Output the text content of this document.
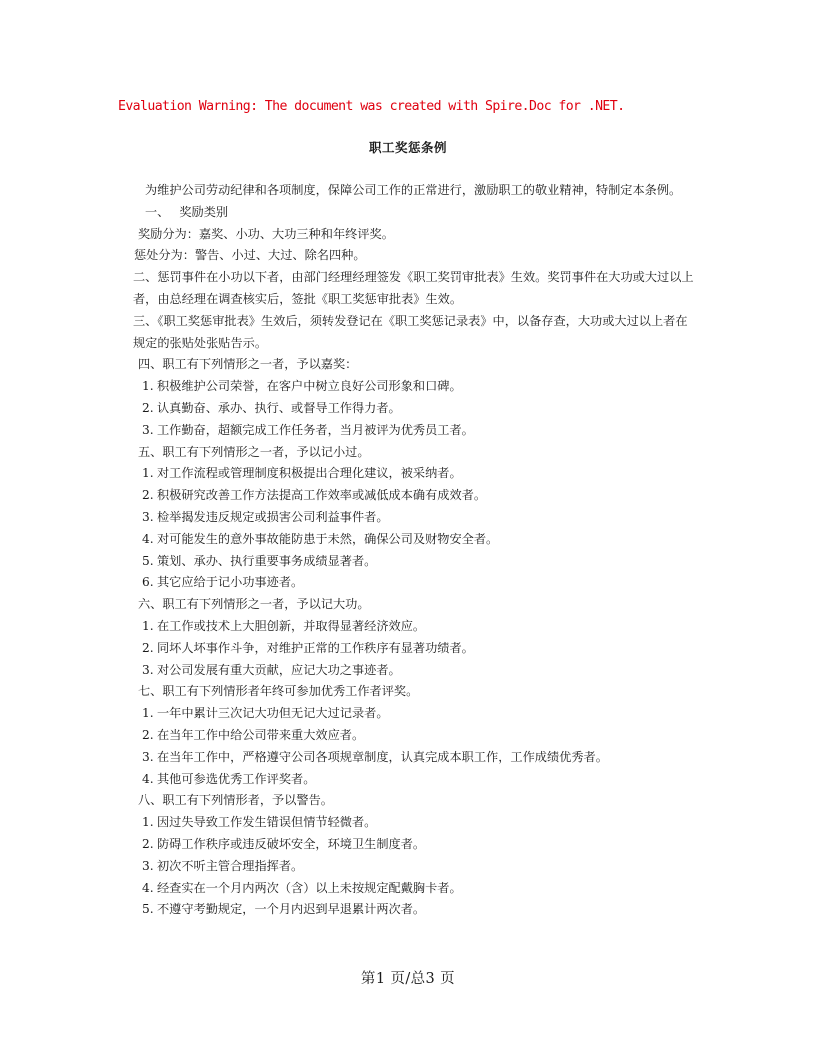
Evaluation Warning: The document was created with Spire.Doc for .NET.
职工奖惩条例

为维护公司劳动纪律和各项制度，保障公司工作的正常进行，激励职工的敬业精神，特制定本条例。

一、 奖励类别

奖励分为：嘉奖、小功、大功三种和年终评奖。

惩处分为：警告、小过、大过、除名四种。

二、惩罚事件在小功以下者，由部门经理经理签发《职工奖罚审批表》生效。奖罚事件在大功或大过以上者，由总经理在调查核实后，签批《职工奖惩审批表》生效。

三、《职工奖惩审批表》生效后，须转发登记在《职工奖惩记录表》中，以备存查，大功或大过以上者在规定的张贴处张贴告示。

四、职工有下列情形之一者，予以嘉奖：

1. 积极维护公司荣誉，在客户中树立良好公司形象和口碑。

2. 认真勤奋、承办、执行、或督导工作得力者。

3. 工作勤奋，超额完成工作任务者，当月被评为优秀员工者。

五、职工有下列情形之一者，予以记小过。

1. 对工作流程或管理制度积极提出合理化建议，被采纳者。

2. 积极研究改善工作方法提高工作效率或减低成本确有成效者。

3. 检举揭发违反规定或损害公司利益事件者。

4. 对可能发生的意外事故能防患于未然，确保公司及财物安全者。

5. 策划、承办、执行重要事务成绩显著者。

6. 其它应给于记小功事迹者。

六、职工有下列情形之一者，予以记大功。

1. 在工作或技术上大胆创新，并取得显著经济效应。

2. 同坏人坏事作斗争，对维护正常的工作秩序有显著功绩者。

3. 对公司发展有重大贡献，应记大功之事迹者。

七、职工有下列情形者年终可参加优秀工作者评奖。

1. 一年中累计三次记大功但无记大过记录者。

2. 在当年工作中给公司带来重大效应者。

3. 在当年工作中，严格遵守公司各项规章制度，认真完成本职工作，工作成绩优秀者。

4. 其他可参选优秀工作评奖者。

八、职工有下列情形者，予以警告。

1. 因过失导致工作发生错误但情节轻微者。

2. 防碍工作秩序或违反破坏安全，环境卫生制度者。

3. 初次不听主管合理指挥者。

4. 经查实在一个月内两次（含）以上未按规定配戴胸卡者。

5. 不遵守考勤规定，一个月内迟到早退累计两次者。

第1 页/总3 页
